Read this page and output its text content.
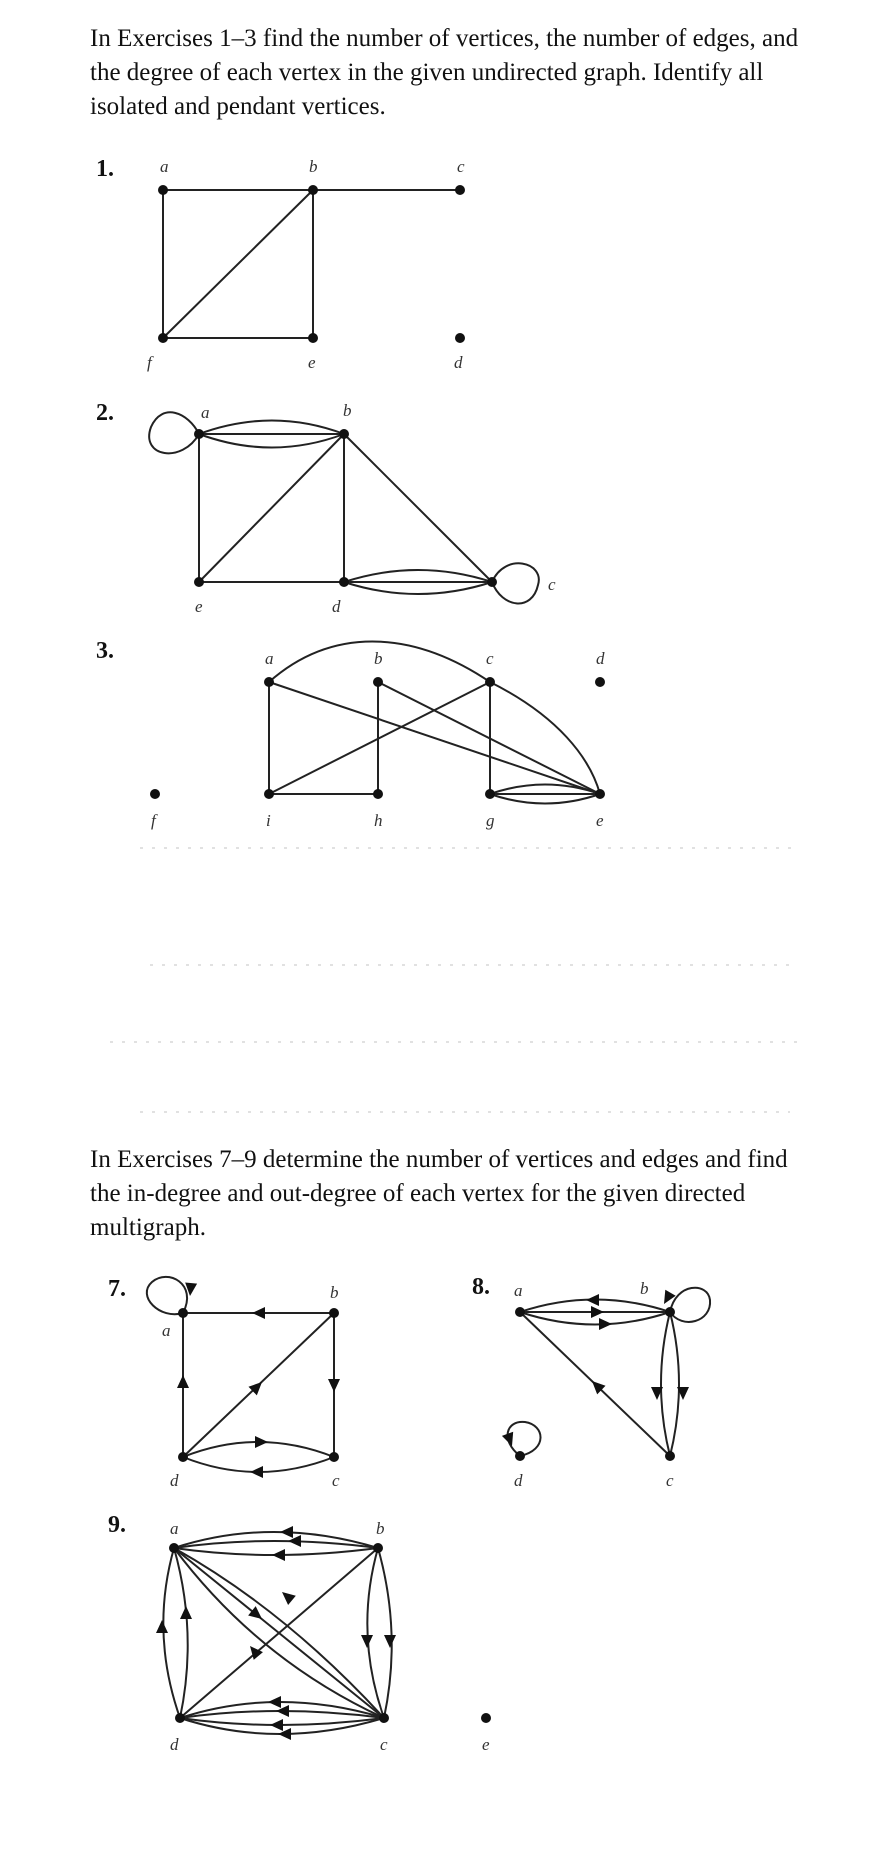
In Exercises 1–3 find the number of vertices, the number of edges, and the degree of each vertex in the given undirected graph. Identify all isolated and pendant vertices.

In Exercises 7–9 determine the number of vertices and edges and find the in-degree and out-degree of each vertex for the given directed multigraph.

1.	a	b	c
d
e
f
2.	a	b
c
d
e
3.	a	b	c	d
e
f	g
h
i
7.
a
b
c
d
8. a	b
c
d
9.	a	b
c
d	e
